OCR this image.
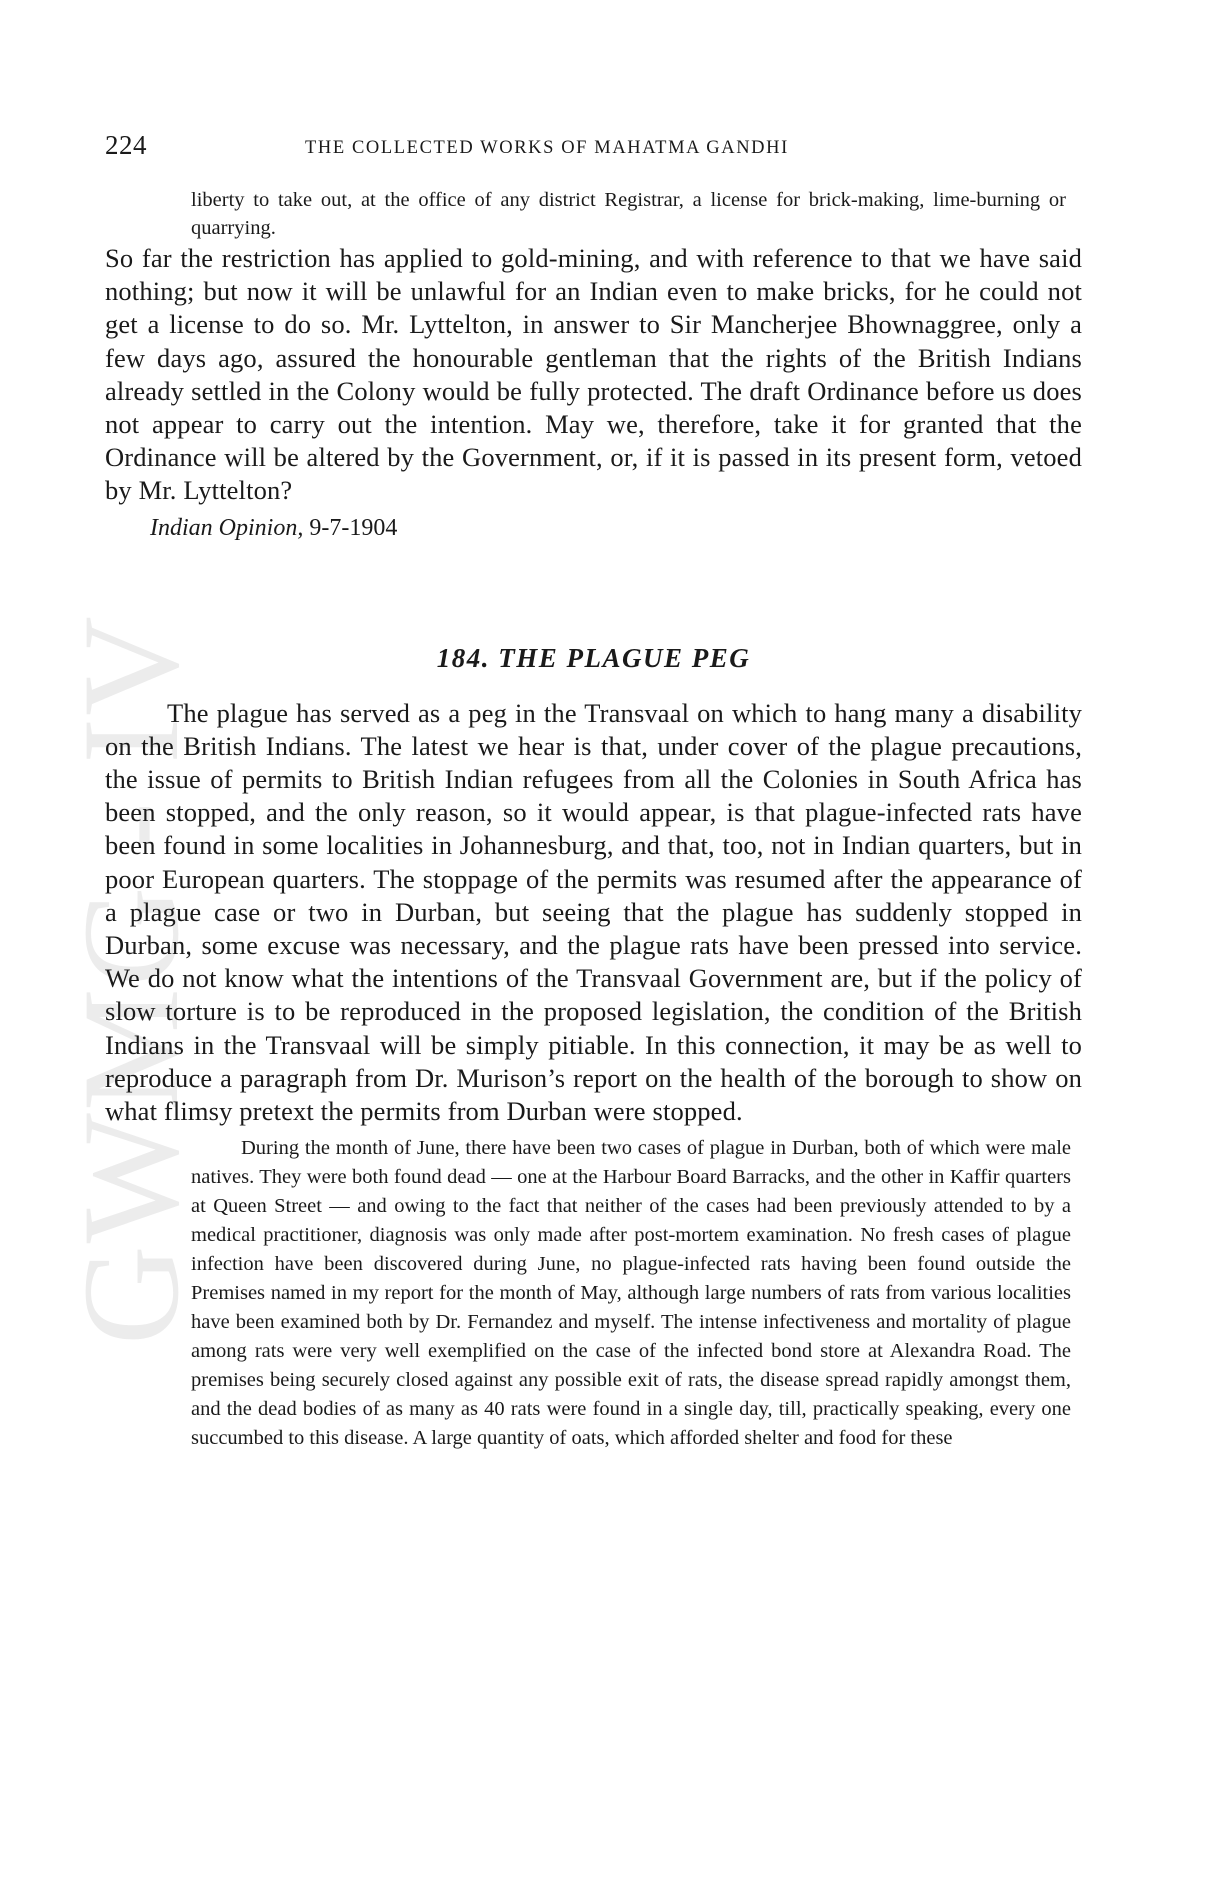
GWMG - IV
224	THE COLLECTED WORKS OF MAHATMA GANDHI

liberty to take out, at the office of any district Registrar, a license for brick-making, lime-burning or quarrying.

So far the restriction has applied to gold-mining, and with reference to that we have said nothing; but now it will be unlawful for an Indian even to make bricks, for he could not get a license to do so. Mr. Lyttelton, in answer to Sir Mancherjee Bhownaggree, only a few days ago, assured the honourable gentleman that the rights of the British Indians already settled in the Colony would be fully protected. The draft Ordinance before us does not appear to carry out the intention. May we, therefore, take it for granted that the Ordinance will be altered by the Government, or, if it is passed in its present form, vetoed by Mr. Lyttelton?

Indian Opinion, 9-7-1904

184. THE PLAGUE PEG

The plague has served as a peg in the Transvaal on which to hang many a disability on the British Indians. The latest we hear is that, under cover of the plague precautions, the issue of permits to British Indian refugees from all the Colonies in South Africa has been stopped, and the only reason, so it would appear, is that plague-infected rats have been found in some localities in Johannesburg, and that, too, not in Indian quarters, but in poor European quarters. The stoppage of the permits was resumed after the appearance of a plague case or two in Durban, but seeing that the plague has suddenly stopped in Durban, some excuse was necessary, and the plague rats have been pressed into service. We do not know what the intentions of the Transvaal Government are, but if the policy of slow torture is to be reproduced in the proposed legislation, the condition of the British Indians in the Transvaal will be simply pitiable. In this connection, it may be as well to reproduce a paragraph from Dr. Murison’s report on the health of the borough to show on what flimsy pretext the permits from Durban were stopped.

During the month of June, there have been two cases of plague in Durban, both of which were male natives. They were both found dead — one at the Harbour Board Barracks, and the other in Kaffir quarters at Queen Street — and owing to the fact that neither of the cases had been previously attended to by a medical practitioner, diagnosis was only made after post-mortem examination. No fresh cases of plague infection have been discovered during June, no plague-infected rats having been found outside the Premises named in my report for the month of May, although large numbers of rats from various localities have been examined both by Dr. Fernandez and myself. The intense infectiveness and mortality of plague among rats were very well exemplified on the case of the infected bond store at Alexandra Road. The premises being securely closed against any possible exit of rats, the disease spread rapidly amongst them, and the dead bodies of as many as 40 rats were found in a single day, till, practically speaking, every one succumbed to this disease. A large quantity of oats, which afforded shelter and food for these
